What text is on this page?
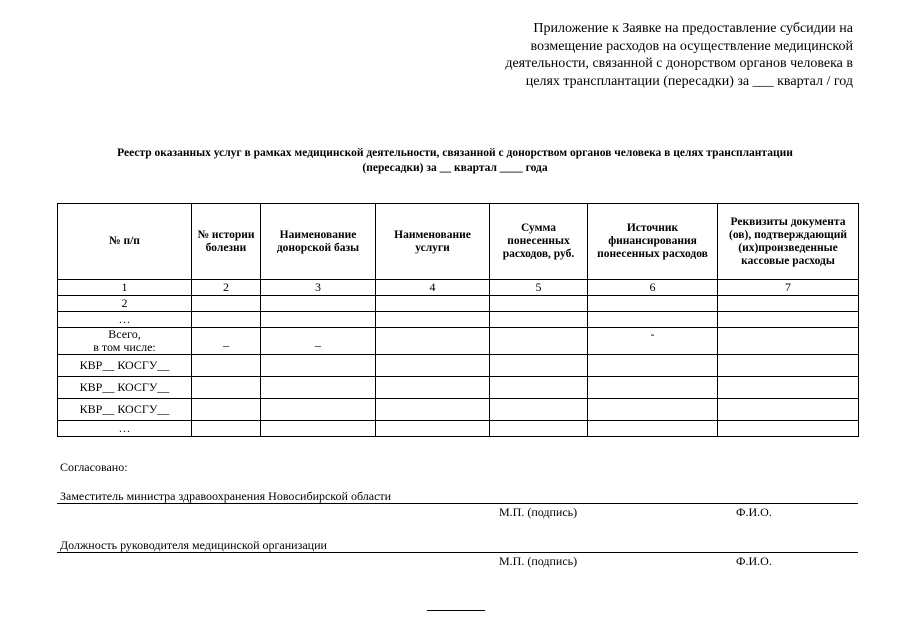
Приложение к Заявке на предоставление субсидии на
возмещение расходов на осуществление медицинской
деятельности, связанной с донорством органов человека в
целях трансплантации (пересадки) за ___ квартал / год
Реестр оказанных услуг в рамках медицинской деятельности, связанной с донорством органов человека в целях трансплантации
(пересадки) за __ квартал ____ года
№ п/п	№ истории болезни	Наименование донорской базы	Наименование услуги	Сумма понесенных расходов, руб.	Источник финансирования понесенных расходов	Реквизиты документа (ов), подтверждающий (их)произведенные кассовые расходы
1	2	3	4	5	6	7
2						
…						

Всего,
в том числе:	_	_			-	
КВР__ КОСГУ__						
КВР__ КОСГУ__						
КВР__ КОСГУ__						
…						
Согласовано:
Заместитель министра здравоохранения Новосибирской области
М.П. (подпись)	Ф.И.О.
Должность руководителя медицинской организации
М.П. (подпись)	Ф.И.О.
